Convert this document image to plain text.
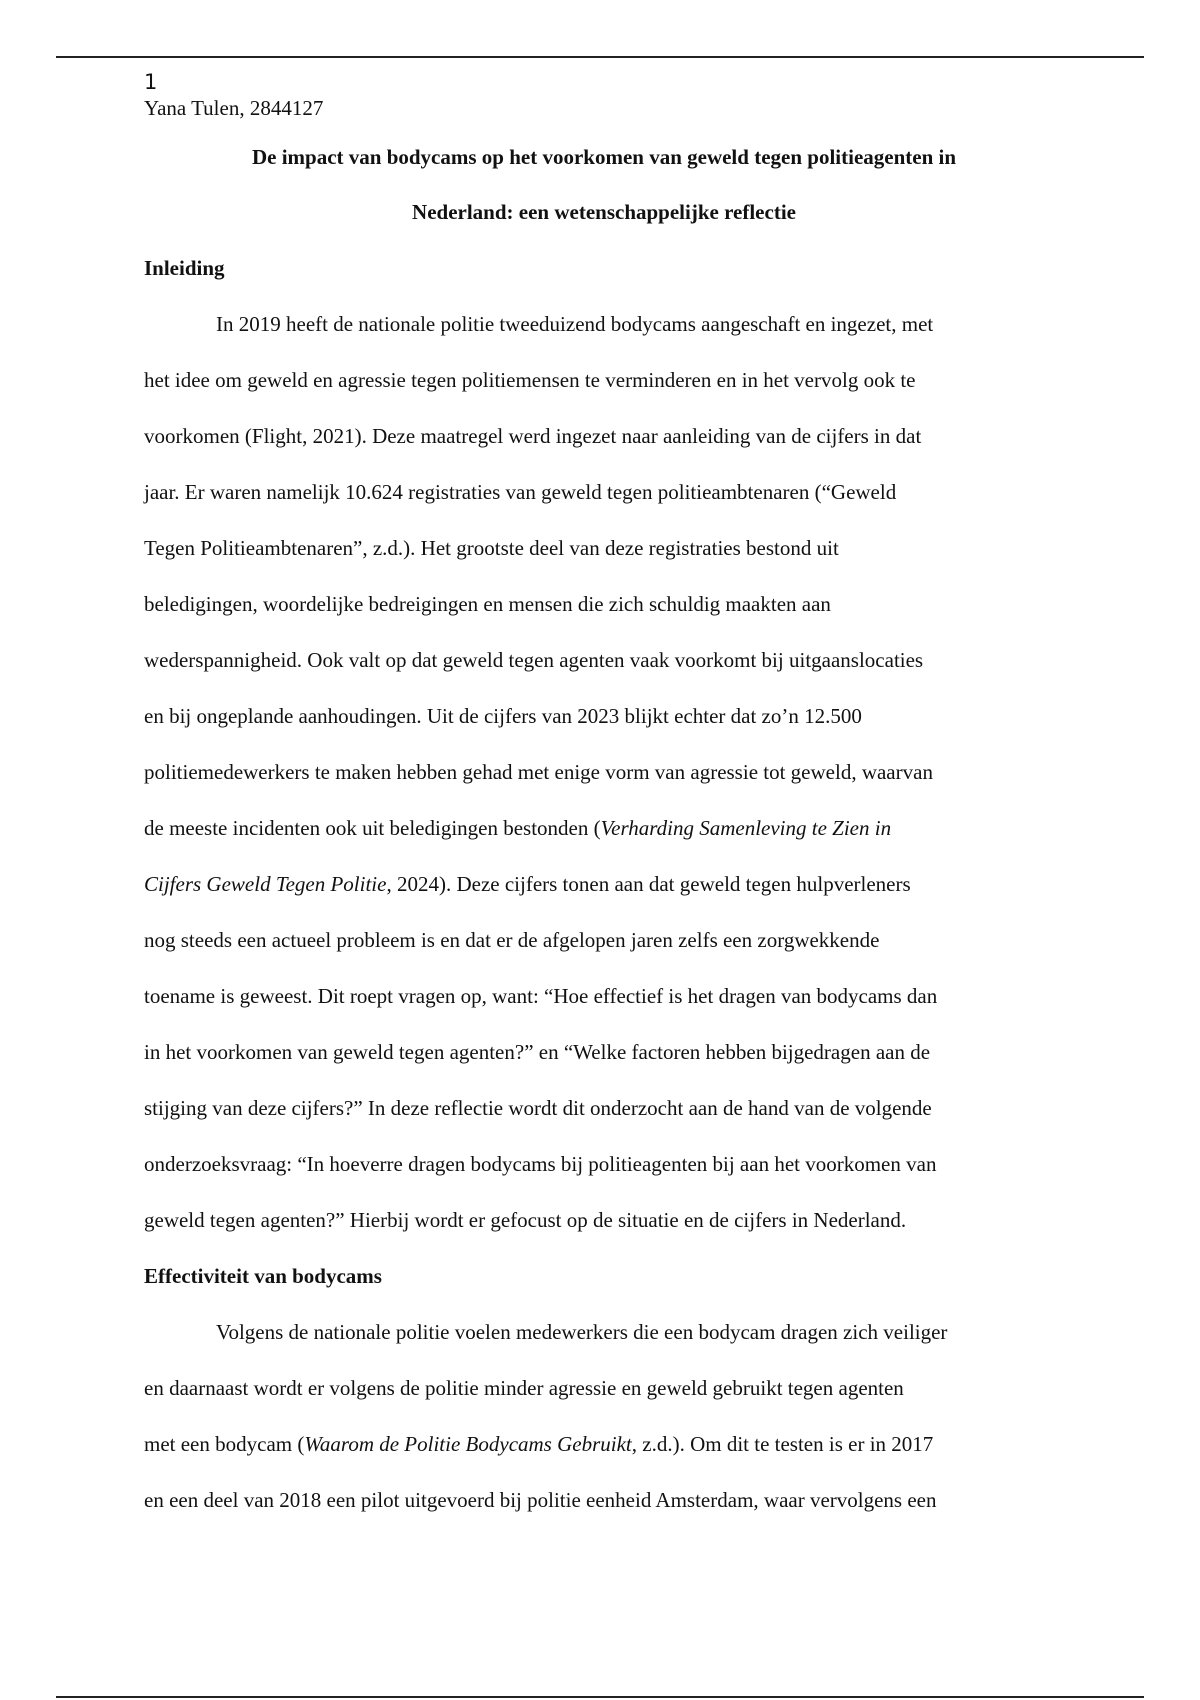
1
Yana Tulen, 2844127
De impact van bodycams op het voorkomen van geweld tegen politieagenten in
Nederland: een wetenschappelijke reflectie
Inleiding
In 2019 heeft de nationale politie tweeduizend bodycams aangeschaft en ingezet, met
het idee om geweld en agressie tegen politiemensen te verminderen en in het vervolg ook te
voorkomen (Flight, 2021). Deze maatregel werd ingezet naar aanleiding van de cijfers in dat
jaar. Er waren namelijk 10.624 registraties van geweld tegen politieambtenaren (“Geweld
Tegen Politieambtenaren”, z.d.). Het grootste deel van deze registraties bestond uit
beledigingen, woordelijke bedreigingen en mensen die zich schuldig maakten aan
wederspannigheid. Ook valt op dat geweld tegen agenten vaak voorkomt bij uitgaanslocaties
en bij ongeplande aanhoudingen. Uit de cijfers van 2023 blijkt echter dat zo’n 12.500
politiemedewerkers te maken hebben gehad met enige vorm van agressie tot geweld, waarvan
de meeste incidenten ook uit beledigingen bestonden (Verharding Samenleving te Zien in
Cijfers Geweld Tegen Politie, 2024). Deze cijfers tonen aan dat geweld tegen hulpverleners
nog steeds een actueel probleem is en dat er de afgelopen jaren zelfs een zorgwekkende
toename is geweest. Dit roept vragen op, want: “Hoe effectief is het dragen van bodycams dan
in het voorkomen van geweld tegen agenten?” en “Welke factoren hebben bijgedragen aan de
stijging van deze cijfers?” In deze reflectie wordt dit onderzocht aan de hand van de volgende
onderzoeksvraag: “In hoeverre dragen bodycams bij politieagenten bij aan het voorkomen van
geweld tegen agenten?” Hierbij wordt er gefocust op de situatie en de cijfers in Nederland.
Effectiviteit van bodycams
Volgens de nationale politie voelen medewerkers die een bodycam dragen zich veiliger
en daarnaast wordt er volgens de politie minder agressie en geweld gebruikt tegen agenten
met een bodycam (Waarom de Politie Bodycams Gebruikt, z.d.). Om dit te testen is er in 2017
en een deel van 2018 een pilot uitgevoerd bij politie eenheid Amsterdam, waar vervolgens een
